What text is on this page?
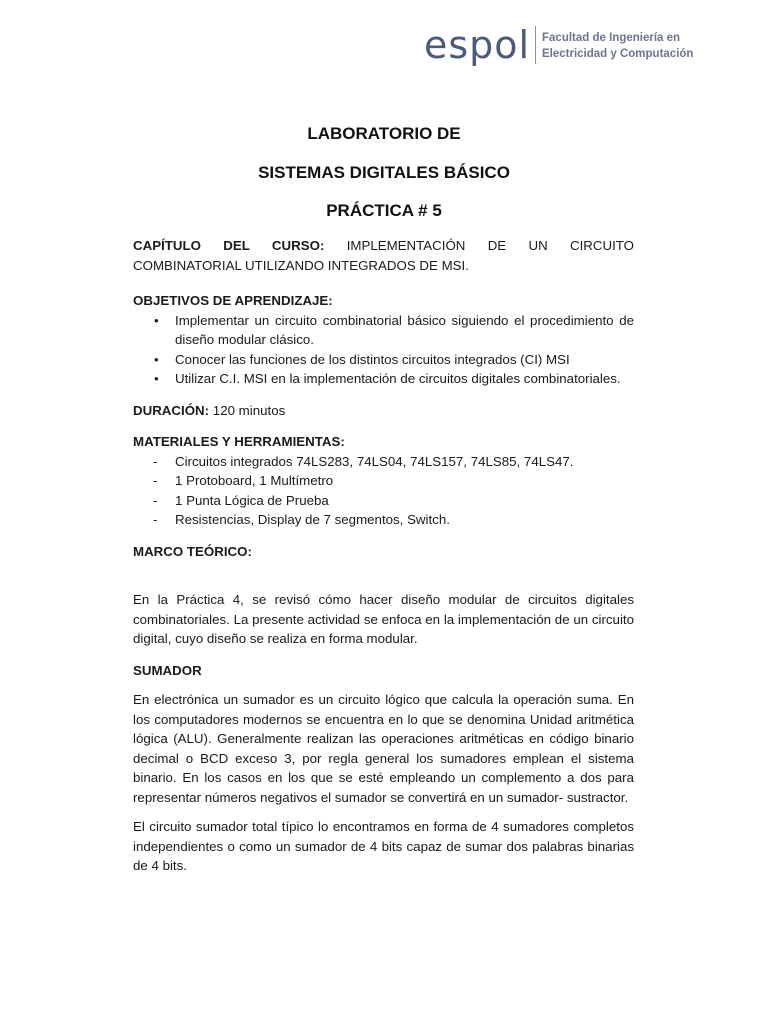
espol Facultad de Ingeniería en
Electricidad y Computación
LABORATORIO DE
SISTEMAS DIGITALES BÁSICO
PRÁCTICA # 5

CAPÍTULO DEL CURSO: IMPLEMENTACIÓN DE UN CIRCUITO

COMBINATORIAL UTILIZANDO INTEGRADOS DE MSI.

OBJETIVOS DE APRENDIZAJE:

• Implementar un circuito combinatorial básico siguiendo el procedimiento de diseño modular clásico.
• Conocer las funciones de los distintos circuitos integrados (CI) MSI
• Utilizar C.I. MSI en la implementación de circuitos digitales combinatoriales.

DURACIÓN: 120 minutos

MATERIALES Y HERRAMIENTAS:

- Circuitos integrados 74LS283, 74LS04, 74LS157, 74LS85, 74LS47.
- 1 Protoboard, 1 Multímetro
- 1 Punta Lógica de Prueba
- Resistencias, Display de 7 segmentos, Switch.

MARCO TEÓRICO:

En la Práctica 4, se revisó cómo hacer diseño modular de circuitos digitales combinatoriales. La presente actividad se enfoca en la implementación de un circuito digital, cuyo diseño se realiza en forma modular.

SUMADOR

En electrónica un sumador es un circuito lógico que calcula la operación suma. En los computadores modernos se encuentra en lo que se denomina Unidad aritmética lógica (ALU). Generalmente realizan las operaciones aritméticas en código binario decimal o BCD exceso 3, por regla general los sumadores emplean el sistema binario. En los casos en los que se esté empleando un complemento a dos para representar números negativos el sumador se convertirá en un sumador- sustractor.

El circuito sumador total típico lo encontramos en forma de 4 sumadores completos independientes o como un sumador de 4 bits capaz de sumar dos palabras binarias de 4 bits.
